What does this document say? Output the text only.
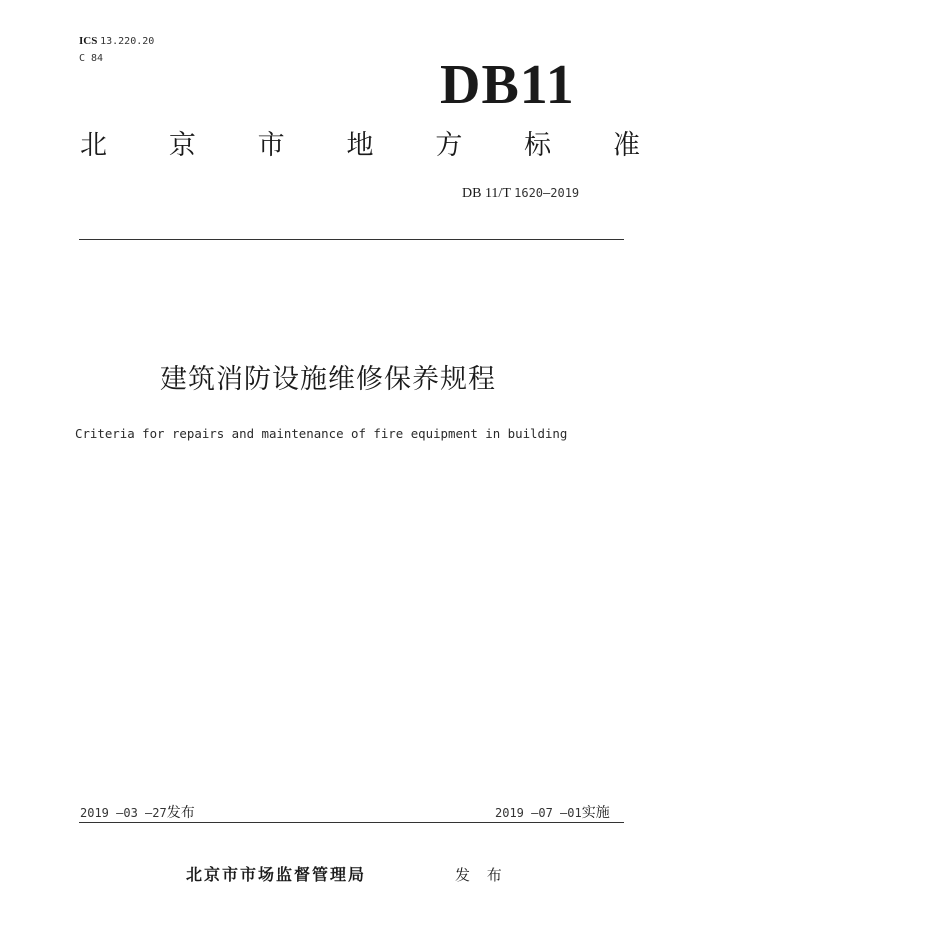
ICS 13.220.20
C 84	DB11
北 京 市 地 方 标 准
DB 11/T 1620—2019
建筑消防设施维修保养规程
Criteria for repairs and maintenance of fire equipment in building
2019 —03 —27发布	2019 —07 —01实施
北京市市场监督管理局	发 布
